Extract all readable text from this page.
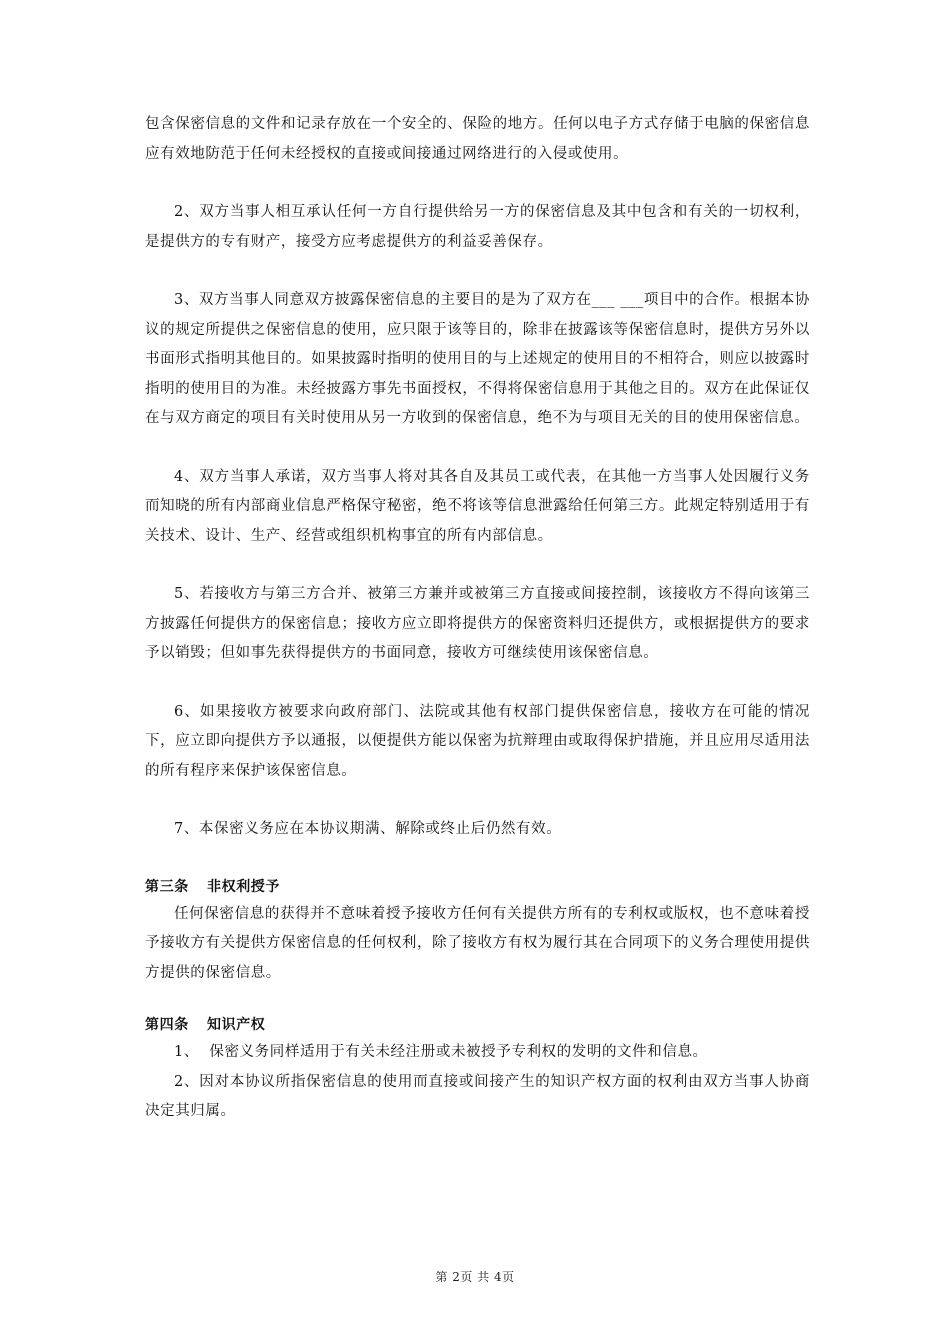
包含保密信息的文件和记录存放在一个安全的、保险的地方。任何以电子方式存储于电脑的保密信息应有效地防范于任何未经授权的直接或间接通过网络进行的入侵或使用。

2、双方当事人相互承认任何一方自行提供给另一方的保密信息及其中包含和有关的一切权利，是提供方的专有财产，接受方应考虑提供方的利益妥善保存。

3、双方当事人同意双方披露保密信息的主要目的是为了双方在___ ___项目中的合作。根据本协议的规定所提供之保密信息的使用，应只限于该等目的，除非在披露该等保密信息时，提供方另外以书面形式指明其他目的。如果披露时指明的使用目的与上述规定的使用目的不相符合，则应以披露时指明的使用目的为准。未经披露方事先书面授权，不得将保密信息用于其他之目的。双方在此保证仅在与双方商定的项目有关时使用从另一方收到的保密信息，绝不为与项目无关的目的使用保密信息。

4、双方当事人承诺，双方当事人将对其各自及其员工或代表，在其他一方当事人处因履行义务而知晓的所有内部商业信息严格保守秘密，绝不将该等信息泄露给任何第三方。此规定特别适用于有关技术、设计、生产、经营或组织机构事宜的所有内部信息。

5、若接收方与第三方合并、被第三方兼并或被第三方直接或间接控制，该接收方不得向该第三方披露任何提供方的保密信息；接收方应立即将提供方的保密资料归还提供方，或根据提供方的要求予以销毁；但如事先获得提供方的书面同意，接收方可继续使用该保密信息。

6、如果接收方被要求向政府部门、法院或其他有权部门提供保密信息，接收方在可能的情况下，应立即向提供方予以通报，以便提供方能以保密为抗辩理由或取得保护措施，并且应用尽适用法的所有程序来保护该保密信息。

7、本保密义务应在本协议期满、解除或终止后仍然有效。

第三条 非权利授予

任何保密信息的获得并不意味着授予接收方任何有关提供方所有的专利权或版权，也不意味着授予接收方有关提供方保密信息的任何权利，除了接收方有权为履行其在合同项下的义务合理使用提供方提供的保密信息。

第四条 知识产权

1、  保密义务同样适用于有关未经注册或未被授予专利权的发明的文件和信息。

2、因对本协议所指保密信息的使用而直接或间接产生的知识产权方面的权利由双方当事人协商决定其归属。

第 2页 共 4页
